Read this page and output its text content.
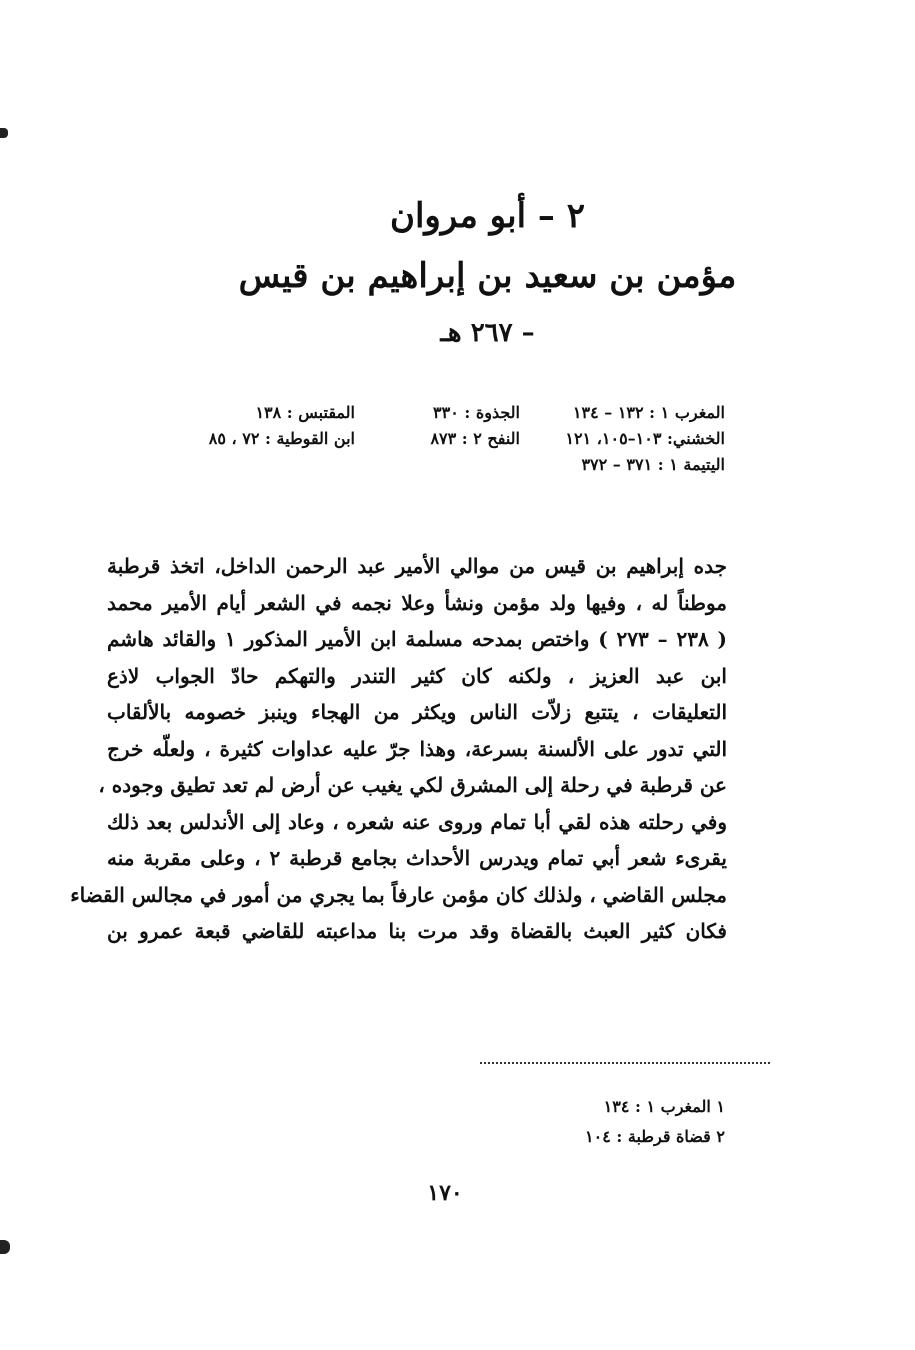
٢ – أبو مروان
مؤمن بن سعيد بن إبراهيم بن قيس
– ٢٦٧ هـ
المغرب ١ : ١٣٢ – ١٣٤
الجذوة : ٣٣٠
المقتبس : ١٣٨
الخشني: ١٠٣–١٠٥، ١٢١
النفح ٢ : ٨٧٣
ابن القوطية : ٧٢ ، ٨٥
اليتيمة ١ : ٣٧١ – ٣٧٢
جده إبراهيم بن قيس من موالي الأمير عبد الرحمن الداخل، اتخذ قرطبة
موطناً له ، وفيها ولد مؤمن ونشأ وعلا نجمه في الشعر أيام الأمير محمد
( ٢٣٨ – ٢٧٣ ) واختص بمدحه مسلمة ابن الأمير المذكور ١ والقائد هاشم
ابن عبد العزيز ، ولكنه كان كثير التندر والتهكم حادّ الجواب لاذع
التعليقات ، يتتبع زلاّت الناس ويكثر من الهجاء وينبز خصومه بالألقاب
التي تدور على الألسنة بسرعة، وهذا جرّ عليه عداوات كثيرة ، ولعلّه خرج
عن قرطبة في رحلة إلى المشرق لكي يغيب عن أرض لم تعد تطيق وجوده ،
وفي رحلته هذه لقي أبا تمام وروى عنه شعره ، وعاد إلى الأندلس بعد ذلك
يقرىء شعر أبي تمام ويدرس الأحداث بجامع قرطبة ٢ ، وعلى مقربة منه
مجلس القاضي ، ولذلك كان مؤمن عارفاً بما يجري من أمور في مجالس القضاء
فكان كثير العبث بالقضاة وقد مرت بنا مداعبته للقاضي قبعة عمرو بن
١ المغرب ١ : ١٣٤
٢ قضاة قرطبة : ١٠٤
١٧٠
